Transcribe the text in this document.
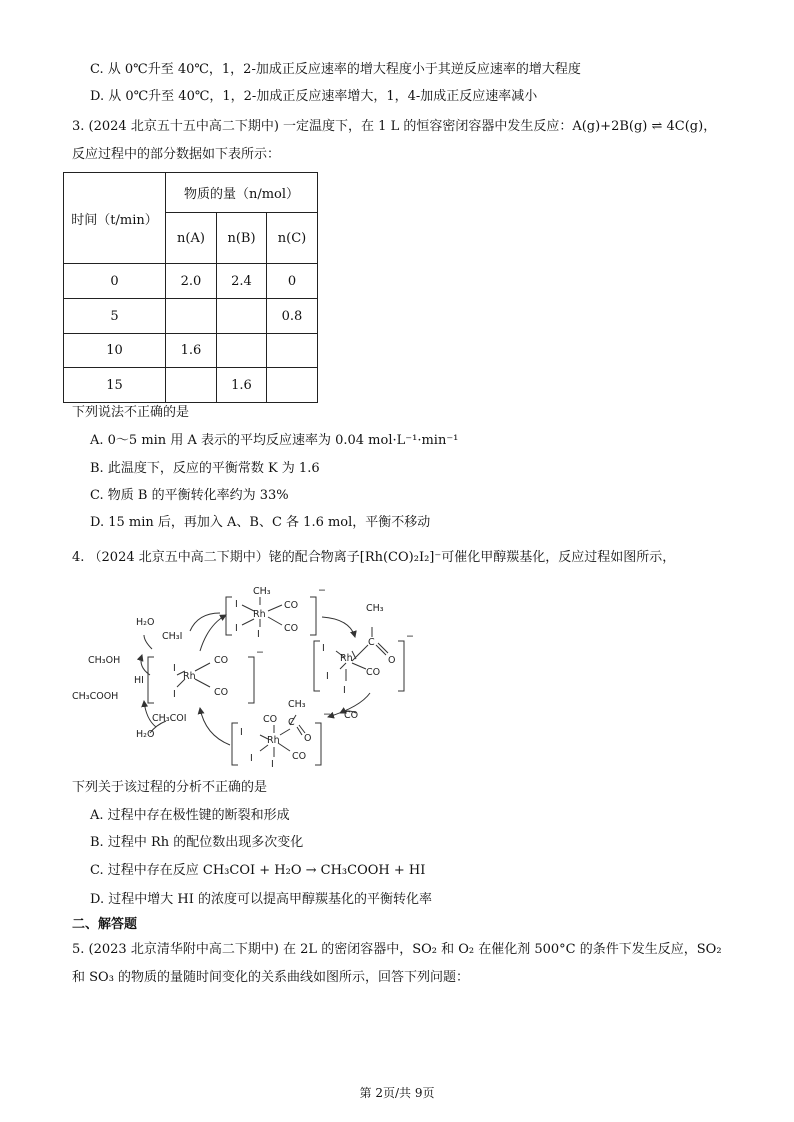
C. 从 0℃升至 40℃，1，2-加成正反应速率的增大程度小于其逆反应速率的增大程度
D. 从 0℃升至 40℃，1，2-加成正反应速率增大，1，4-加成正反应速率减小
3. (2024 北京五十五中高二下期中) 一定温度下，在 1 L 的恒容密闭容器中发生反应：A(g)+2B(g) ⇌ 4C(g)，
反应过程中的部分数据如下表所示：
时间（t/min）	物质的量（n/mol）		
	n(A)	n(B)	n(C)
0	2.0	2.4	0
5			0.8
10	1.6		
15		1.6	
下列说法不正确的是
A. 0～5 min 用 A 表示的平均反应速率为 0.04 mol·L⁻¹·min⁻¹
B. 此温度下，反应的平衡常数 K 为 1.6
C. 物质 B 的平衡转化率约为 33%
D. 15 min 后，再加入 A、B、C 各 1.6 mol，平衡不移动
4. （2024 北京五中高二下期中）铑的配合物离子[Rh(CO)₂I₂]⁻可催化甲醇羰基化，反应过程如图所示，
CH₃
Rh
CO
CO
I
I
I
−
Rh
CO
CO
I
I
−
Rh
CH₃
C
O
CO
I
I
I
−
CO
Rh
CO
CH₃
C
O
CO
I
I
I
−
H₂O
CH₃I
CH₃OH
HI
CH₃COOH
CH₃COI
H₂O
下列关于该过程的分析不正确的是
A. 过程中存在极性键的断裂和形成
B. 过程中 Rh 的配位数出现多次变化
C. 过程中存在反应 CH₃COI + H₂O → CH₃COOH + HI
D. 过程中增大 HI 的浓度可以提高甲醇羰基化的平衡转化率
二、解答题
5. (2023 北京清华附中高二下期中) 在 2L 的密闭容器中，SO₂ 和 O₂ 在催化剂 500°C 的条件下发生反应，SO₂
和 SO₃ 的物质的量随时间变化的关系曲线如图所示，回答下列问题：
第 2页/共 9页
